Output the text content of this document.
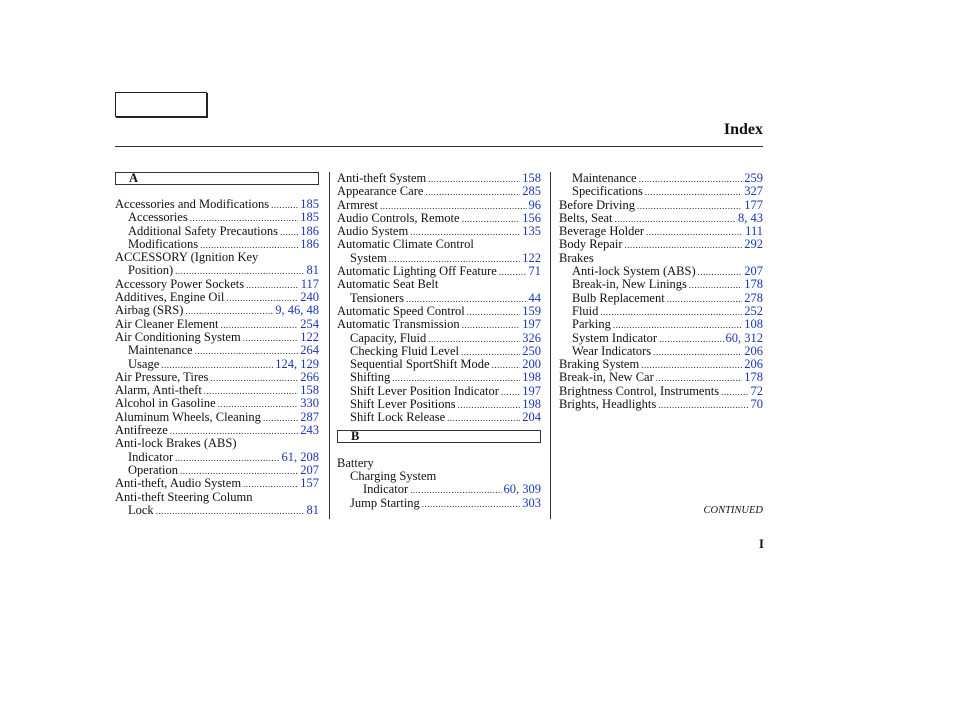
Index
A
Accessories and Modifications ..... 185
Accessories .....	185
Additional Safety Precautions ..... 186
Modifications .....	186
ACCESSORY (Ignition Key
Position) .....	81
Accessory Power Sockets .....	117
Additives, Engine Oil .....	240
Airbag (SRS) .....	9, 46, 48
Air Cleaner Element .....	254
Air Conditioning System .....	122
Maintenance .....	264
Usage .....	124, 129
Air Pressure, Tires .....	266
Alarm, Anti-theft .....	158
Alcohol in Gasoline .....	330
Aluminum Wheels, Cleaning .....	287
Antifreeze .....	243
Anti-lock Brakes (ABS)
Indicator .....	61, 208
Operation .....	207
Anti-theft, Audio System .....	157
Anti-theft Steering Column
Lock .....	81
Anti-theft System .....	158
Appearance Care .....	285
Armrest .....	96
Audio Controls, Remote .....	156
Audio System .....	135
Automatic Climate Control
System .....	122
Automatic Lighting Off Feature .....	71
Automatic Seat Belt
Tensioners .....	44
Automatic Speed Control .....	159
Automatic Transmission .....	197
Capacity, Fluid .....	326
Checking Fluid Level .....	250
Sequential SportShift Mode .....	200
Shifting .....	198
Shift Lever Position Indicator ..... 197
Shift Lever Positions .....	198
Shift Lock Release .....	204
B
Battery
Charging System
Indicator .....	60, 309
Jump Starting .....	303
Maintenance .....	259
Specifications .....	327
Before Driving .....	177
Belts, Seat .....	8, 43
Beverage Holder .....	111
Body Repair .....	292
Brakes
Anti-lock System (ABS) .....	207
Break-in, New Linings .....	178
Bulb Replacement .....	278
Fluid .....	252
Parking .....	108
System Indicator .....	60, 312
Wear Indicators .....	206
Braking System .....	206
Break-in, New Car .....	178
Brightness Control, Instruments .....	72
Brights, Headlights .....	70
CONTINUED
I
